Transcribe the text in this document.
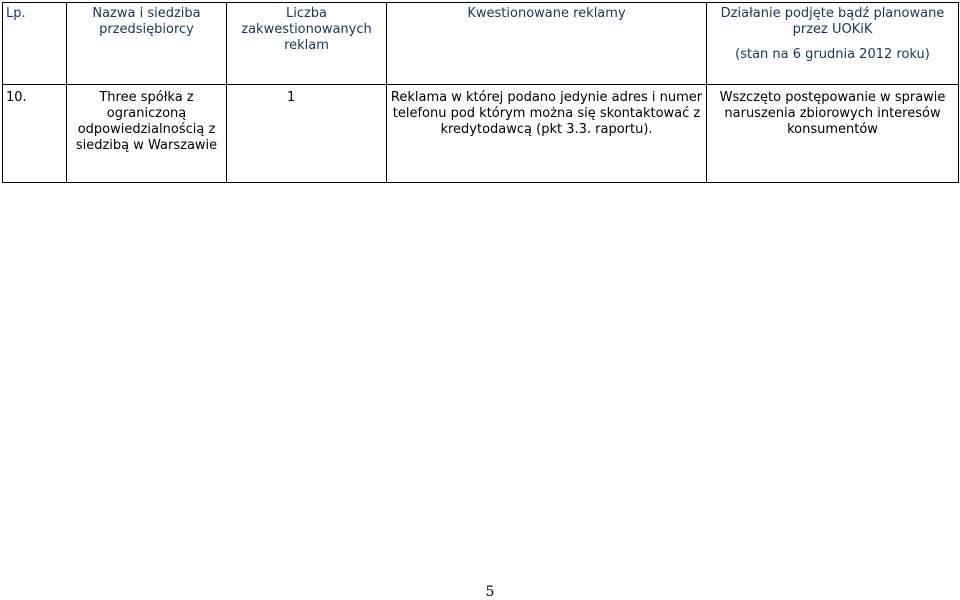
Lp.	Nazwa i siedziba przedsiębiorcy	Liczba zakwestionowanych reklam	Kwestionowane reklamy	Działanie podjęte bądź planowane przez UOKiK
(stan na 6 grudnia 2012 roku)

10.	Three spółka z ograniczoną odpowiedzialnością z siedzibą w Warszawie	1	Reklama w której podano jedynie adres i numer telefonu pod którym można się skontaktować z kredytodawcą (pkt 3.3. raportu).	Wszczęto postępowanie w sprawie naruszenia zbiorowych interesów konsumentów
5
